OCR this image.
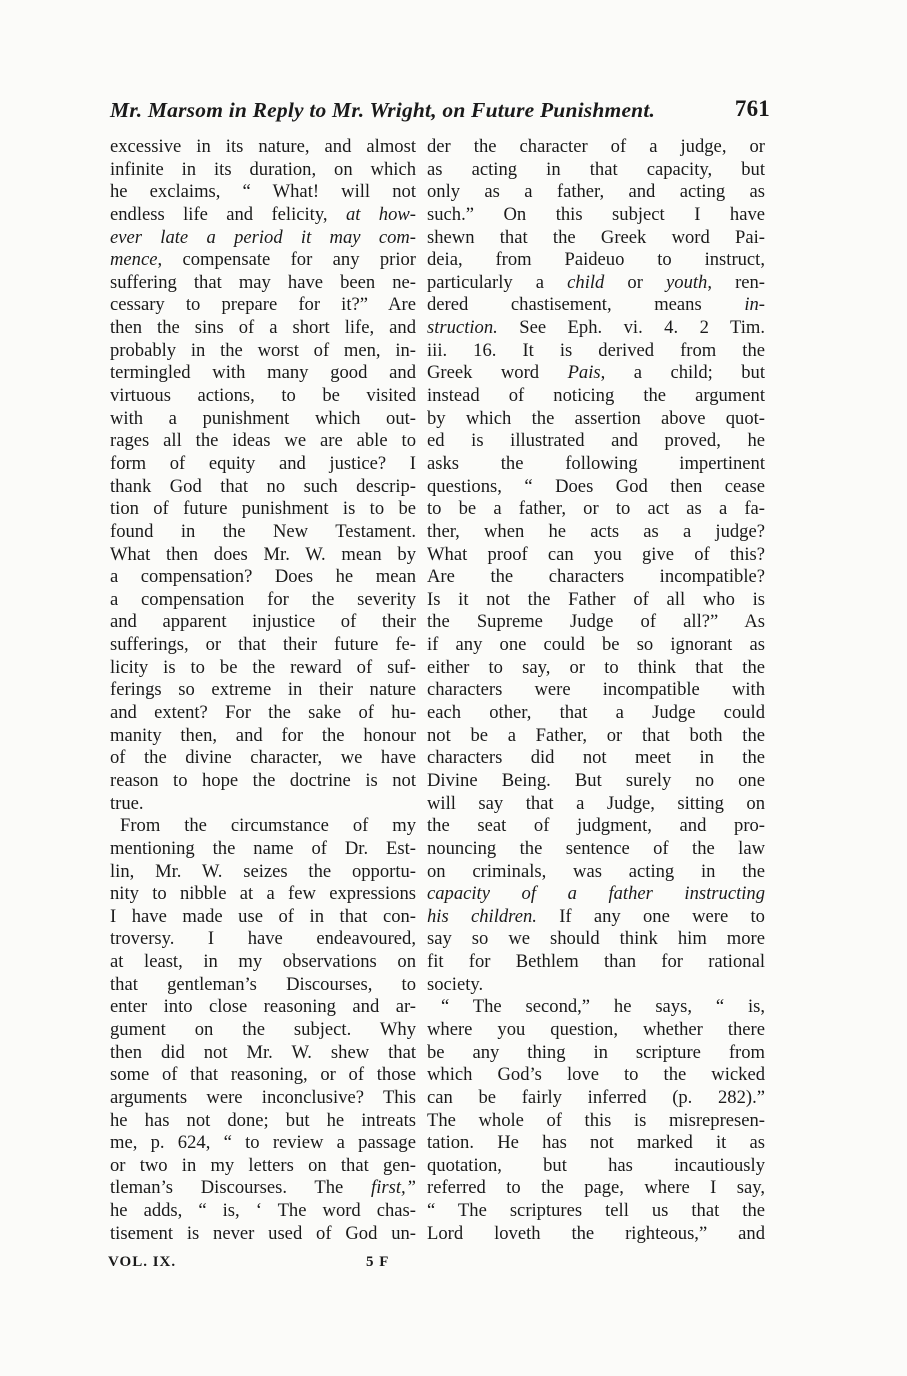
Mr. Marsom in Reply to Mr. Wright, on Future Punishment.	761
excessive in its nature, and almost
infinite in its duration, on which
he exclaims, “ What! will not
endless life and felicity, at how-
ever late a period it may com-
mence, compensate for any prior
suffering that may have been ne-
cessary to prepare for it?” Are
then the sins of a short life, and
probably in the worst of men, in-
termingled with many good and
virtuous actions, to be visited
with a punishment which out-
rages all the ideas we are able to
form of equity and justice? I
thank God that no such descrip-
tion of future punishment is to be
found in the New Testament.
What then does Mr. W. mean by
a compensation? Does he mean
a compensation for the severity
and apparent injustice of their
sufferings, or that their future fe-
licity is to be the reward of suf-
ferings so extreme in their nature
and extent? For the sake of hu-
manity then, and for the honour
of the divine character, we have
reason to hope the doctrine is not
true.
From the circumstance of my
mentioning the name of Dr. Est-
lin, Mr. W. seizes the opportu-
nity to nibble at a few expressions
I have made use of in that con-
troversy. I have endeavoured,
at least, in my observations on
that gentleman’s Discourses, to
enter into close reasoning and ar-
gument on the subject. Why
then did not Mr. W. shew that
some of that reasoning, or of those
arguments were inconclusive? This
he has not done; but he intreats
me, p. 624, “ to review a passage
or two in my letters on that gen-
tleman’s Discourses. The first,”
he adds, “ is, ‘ The word chas-
tisement is never used of God un-
der the character of a judge, or
as acting in that capacity, but
only as a father, and acting as
such.” On this subject I have
shewn that the Greek word Pai-
deia, from Paideuo to instruct,
particularly a child or youth, ren-
dered chastisement, means in-
struction. See Eph. vi. 4. 2 Tim.
iii. 16. It is derived from the
Greek word Pais, a child; but
instead of noticing the argument
by which the assertion above quot-
ed is illustrated and proved, he
asks the following impertinent
questions, “ Does God then cease
to be a father, or to act as a fa-
ther, when he acts as a judge?
What proof can you give of this?
Are the characters incompatible?
Is it not the Father of all who is
the Supreme Judge of all?” As
if any one could be so ignorant as
either to say, or to think that the
characters were incompatible with
each other, that a Judge could
not be a Father, or that both the
characters did not meet in the
Divine Being. But surely no one
will say that a Judge, sitting on
the seat of judgment, and pro-
nouncing the sentence of the law
on criminals, was acting in the
capacity of a father instructing
his children. If any one were to
say so we should think him more
fit for Bethlem than for rational
society.
“ The second,” he says, “ is,
where you question, whether there
be any thing in scripture from
which God’s love to the wicked
can be fairly inferred (p. 282).”
The whole of this is misrepresen-
tation. He has not marked it as
quotation, but has incautiously
referred to the page, where I say,
“ The scriptures tell us that the
Lord loveth the righteous,” and
VOL. IX.	5 F
